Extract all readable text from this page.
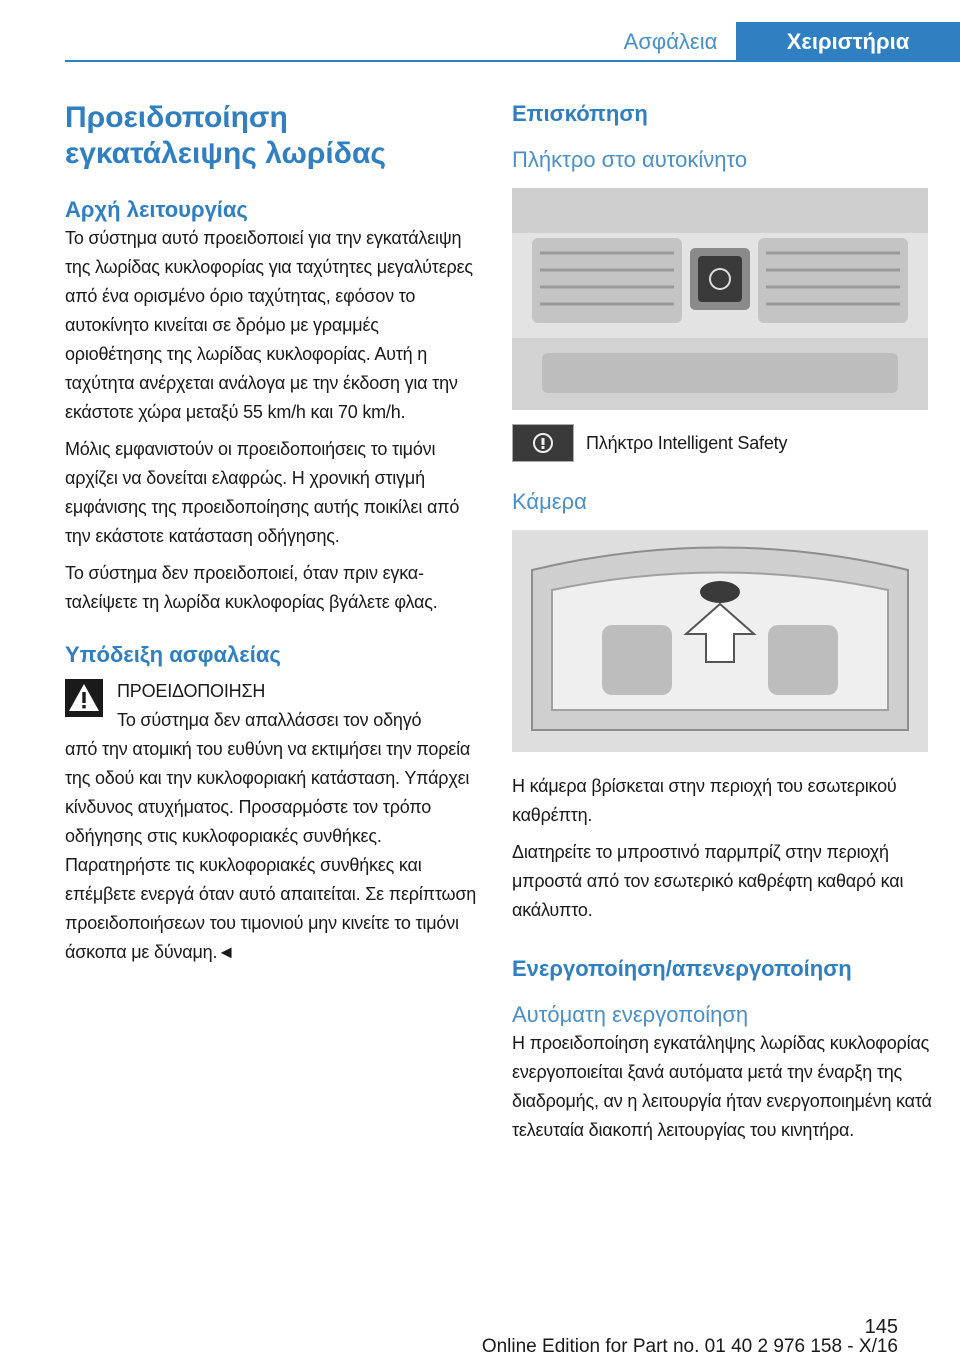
Ασφάλεια	Χειριστήρια
Προειδοποίηση εγκατάλειψης λωρίδας
Αρχή λειτουργίας

Το σύστημα αυτό προειδοποιεί για την εγκατάλειψη της λωρίδας κυκλοφορίας για ταχύτητες μεγαλύτερες από ένα ορισμένο όριο ταχύτητας, εφόσον το αυτοκίνητο κινείται σε δρόμο με γραμμές οριοθέτησης της λωρίδας κυκλοφορίας. Αυτή η ταχύτητα ανέρχεται ανάλογα με την έκδοση για την εκάστοτε χώρα μεταξύ 55 km/h και 70 km/h.

Μόλις εμφανιστούν οι προειδοποιήσεις το τιμόνι αρχίζει να δονείται ελαφρώς. Η χρονική στιγμή εμφάνισης της προειδοποίησης αυτής ποικίλει από την εκάστοτε κατάσταση οδήγησης.

Το σύστημα δεν προειδοποιεί, όταν πριν εγκαταλείψετε τη λωρίδα κυκλοφορίας βγάλετε φλας.

Υπόδειξη ασφαλείας

ΠΡΟΕΙΔΟΠΟΙΗΣΗ

Το σύστημα δεν απαλλάσσει τον οδηγό

από την ατομική του ευθύνη να εκτιμήσει την πορεία της οδού και την κυκλοφοριακή κατάσταση. Υπάρχει κίνδυνος ατυχήματος. Προσαρμόστε τον τρόπο οδήγησης στις κυκλοφοριακές συνθήκες. Παρατηρήστε τις κυκλοφοριακές συνθήκες και επέμβετε ενεργά όταν αυτό απαιτείται. Σε περίπτωση προειδοποιήσεων του τιμονιού μην κινείτε το τιμόνι άσκοπα με δύναμη.◄

Επισκόπηση
Πλήκτρο στο αυτοκίνητο

Πλήκτρο Intelligent Safety

Κάμερα

Η κάμερα βρίσκεται στην περιοχή του εσωτερικού καθρέπτη.

Διατηρείτε το μπροστινό παρμπρίζ στην περιοχή μπροστά από τον εσωτερικό καθρέφτη καθαρό και ακάλυπτο.

Ενεργοποίηση/απενεργοποίηση
Αυτόματη ενεργοποίηση

Η προειδοποίηση εγκατάληψης λωρίδας κυκλοφορίας ενεργοποιείται ξανά αυτόματα μετά την έναρξη της διαδρομής, αν η λειτουργία ήταν ενεργοποιημένη κατά τελευταία διακοπή λειτουργίας του κινητήρα.

145
Online Edition for Part no. 01 40 2 976 158 - X/16
